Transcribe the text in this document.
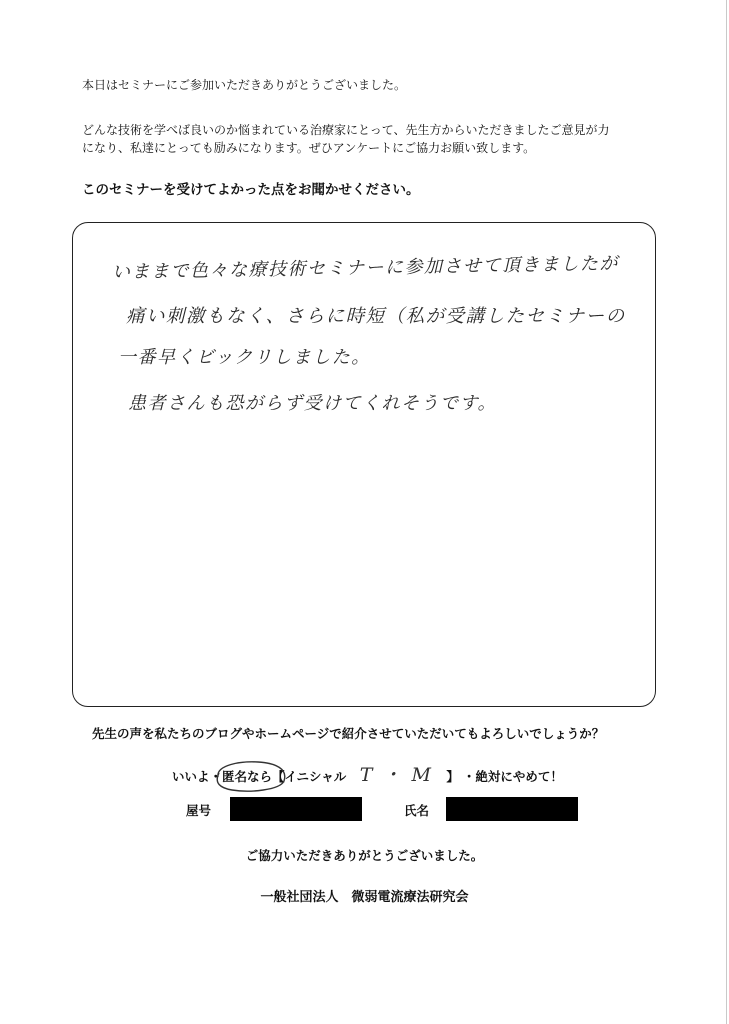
本日はセミナーにご参加いただきありがとうございました。
どんな技術を学べば良いのか悩まれている治療家にとって、先生方からいただきましたご意見が力
になり、私達にとっても励みになります。ぜひアンケートにご協力お願い致します。
このセミナーを受けてよかった点をお聞かせください。
いままで色々な療技術セミナーに参加させて頂きましたが
痛い刺激もなく、さらに時短（私が受講したセミナーの
一番早くビックリしました。
患者さんも恐がらず受けてくれそうです。
先生の声を私たちのブログやホームページで紹介させていただいてもよろしいでしょうか？
いいよ ・ 匿名なら 【イニシャル T ・ M	】 ・ 絶対にやめて！
屋号	氏名
ご協力いただきありがとうございました。
一般社団法人　微弱電流療法研究会
